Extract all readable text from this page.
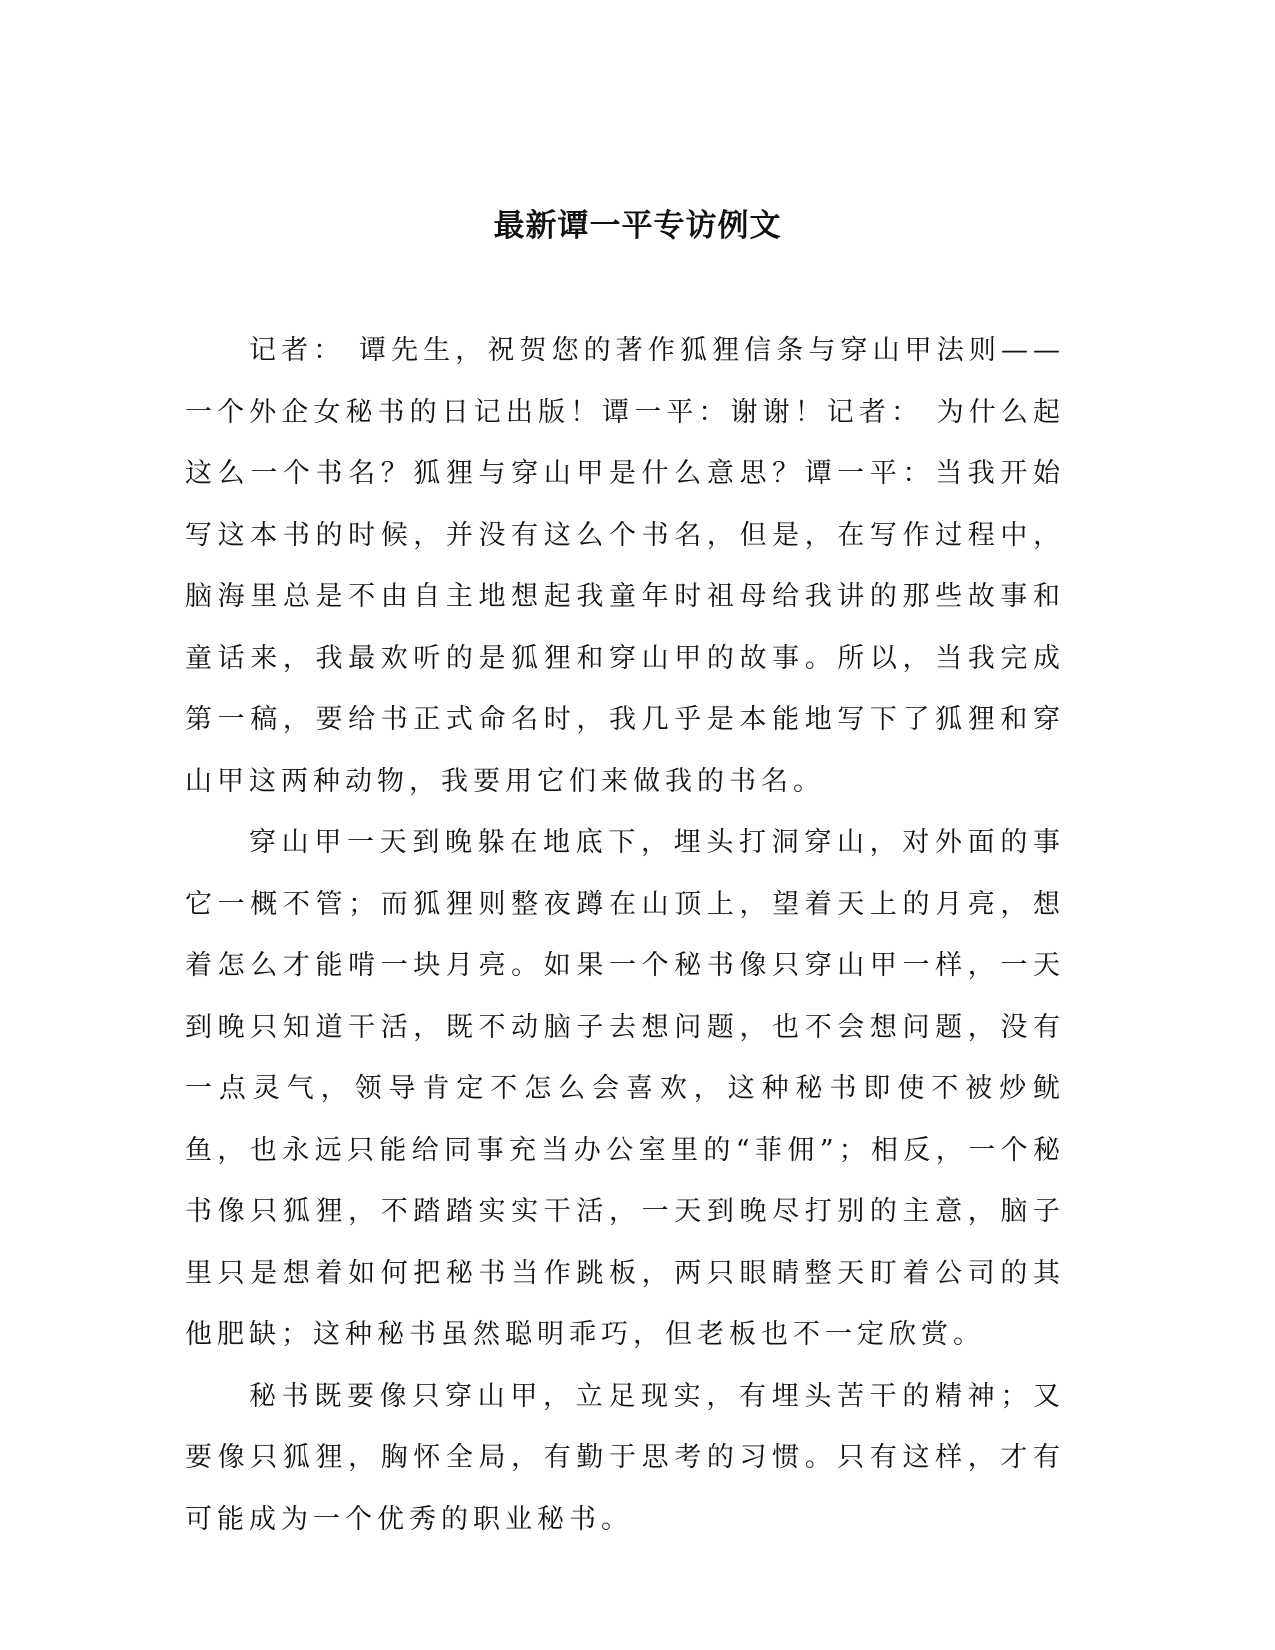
最新谭一平专访例文

记者： 谭先生，祝贺您的著作狐狸信条与穿山甲法则——一个外企女秘书的日记出版！谭一平：谢谢！记者： 为什么起这么一个书名？狐狸与穿山甲是什么意思？谭一平：当我开始写这本书的时候，并没有这么个书名，但是，在写作过程中，脑海里总是不由自主地想起我童年时祖母给我讲的那些故事和童话来，我最欢听的是狐狸和穿山甲的故事。所以，当我完成第一稿，要给书正式命名时，我几乎是本能地写下了狐狸和穿山甲这两种动物，我要用它们来做我的书名。

穿山甲一天到晚躲在地底下，埋头打洞穿山，对外面的事它一概不管；而狐狸则整夜蹲在山顶上，望着天上的月亮，想着怎么才能啃一块月亮。如果一个秘书像只穿山甲一样，一天到晚只知道干活，既不动脑子去想问题，也不会想问题，没有一点灵气，领导肯定不怎么会喜欢，这种秘书即使不被炒鱿鱼，也永远只能给同事充当办公室里的“菲佣”；相反，一个秘书像只狐狸，不踏踏实实干活，一天到晚尽打别的主意，脑子里只是想着如何把秘书当作跳板，两只眼睛整天盯着公司的其他肥缺；这种秘书虽然聪明乖巧，但老板也不一定欣赏。

秘书既要像只穿山甲，立足现实，有埋头苦干的精神；又要像只狐狸，胸怀全局，有勤于思考的习惯。只有这样，才有可能成为一个优秀的职业秘书。
